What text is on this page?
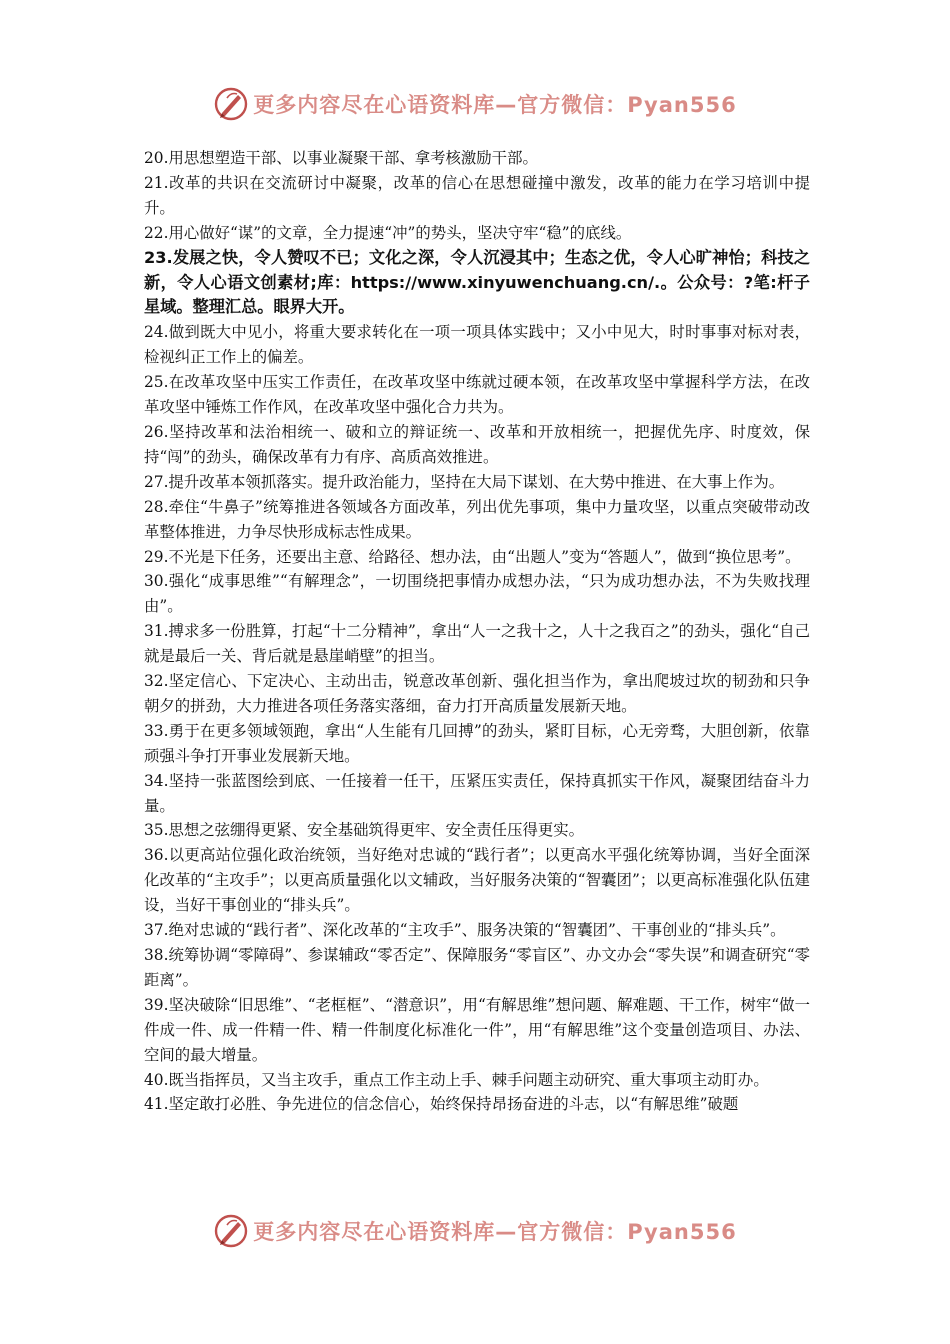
更多内容尽在心语资料库—官方微信：Pyan556

20.用思想塑造干部、以事业凝聚干部、拿考核激励干部。

21.改革的共识在交流研讨中凝聚，改革的信心在思想碰撞中激发，改革的能力在学习培训中提升。

22.用心做好“谋”的文章，全力提速“冲”的势头，坚决守牢“稳”的底线。

23.发展之快，令人赞叹不已；文化之深，令人沉浸其中；生态之优，令人心旷神怡；科技之新，令人心语文创素材;库：https://www.xinyuwenchuang.cn/.。公众号：?笔:杆子星域。整理汇总。眼界大开。

24.做到既大中见小，将重大要求转化在一项一项具体实践中；又小中见大，时时事事对标对表，检视纠正工作上的偏差。

25.在改革攻坚中压实工作责任，在改革攻坚中练就过硬本领，在改革攻坚中掌握科学方法，在改革攻坚中锤炼工作作风，在改革攻坚中强化合力共为。

26.坚持改革和法治相统一、破和立的辩证统一、改革和开放相统一，把握优先序、时度效，保持“闯”的劲头，确保改革有力有序、高质高效推进。

27.提升改革本领抓落实。提升政治能力，坚持在大局下谋划、在大势中推进、在大事上作为。

28.牵住“牛鼻子”统筹推进各领域各方面改革，列出优先事项，集中力量攻坚，以重点突破带动改革整体推进，力争尽快形成标志性成果。

29.不光是下任务，还要出主意、给路径、想办法，由“出题人”变为“答题人”，做到“换位思考”。

30.强化“成事思维”“有解理念”，一切围绕把事情办成想办法，“只为成功想办法，不为失败找理由”。

31.搏求多一份胜算，打起“十二分精神”，拿出“人一之我十之，人十之我百之”的劲头，强化“自己就是最后一关、背后就是悬崖峭壁”的担当。

32.坚定信心、下定决心、主动出击，锐意改革创新、强化担当作为，拿出爬坡过坎的韧劲和只争朝夕的拼劲，大力推进各项任务落实落细，奋力打开高质量发展新天地。

33.勇于在更多领域领跑，拿出“人生能有几回搏”的劲头，紧盯目标，心无旁骛，大胆创新，依靠顽强斗争打开事业发展新天地。

34.坚持一张蓝图绘到底、一任接着一任干，压紧压实责任，保持真抓实干作风，凝聚团结奋斗力量。

35.思想之弦绷得更紧、安全基础筑得更牢、安全责任压得更实。

36.以更高站位强化政治统领，当好绝对忠诚的“践行者”；以更高水平强化统筹协调，当好全面深化改革的“主攻手”；以更高质量强化以文辅政，当好服务决策的“智囊团”；以更高标准强化队伍建设，当好干事创业的“排头兵”。

37.绝对忠诚的“践行者”、深化改革的“主攻手”、服务决策的“智囊团”、干事创业的“排头兵”。

38.统筹协调“零障碍”、参谋辅政“零否定”、保障服务“零盲区”、办文办会“零失误”和调查研究“零距离”。

39.坚决破除“旧思维”、“老框框”、“潜意识”，用“有解思维”想问题、解难题、干工作，树牢“做一件成一件、成一件精一件、精一件制度化标准化一件”，用“有解思维”这个变量创造项目、办法、空间的最大增量。

40.既当指挥员，又当主攻手，重点工作主动上手、棘手问题主动研究、重大事项主动盯办。

41.坚定敢打必胜、争先进位的信念信心，始终保持昂扬奋进的斗志，以“有解思维”破题

更多内容尽在心语资料库—官方微信：Pyan556
